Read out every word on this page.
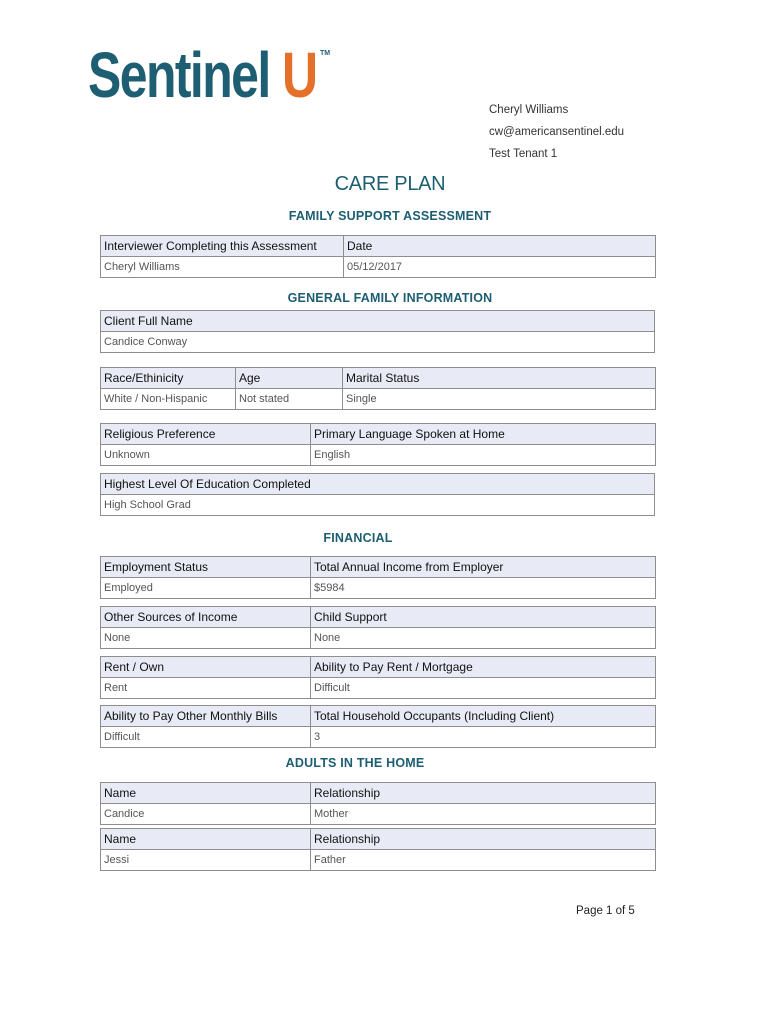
Sentinel U TM
Cheryl Williams
cw@americansentinel.edu
Test Tenant 1
CARE PLAN
FAMILY SUPPORT ASSESSMENT
Interviewer Completing this Assessment	Date
Cheryl Williams	05/12/2017
GENERAL FAMILY INFORMATION
Client Full Name
Candice Conway
Race/Ethinicity	Age	Marital Status
White / Non-Hispanic	Not stated	Single
Religious Preference	Primary Language Spoken at Home
Unknown	English
Highest Level Of Education Completed
High School Grad
FINANCIAL
Employment Status	Total Annual Income from Employer
Employed	$5984
Other Sources of Income	Child Support
None	None
Rent / Own	Ability to Pay Rent / Mortgage
Rent	Difficult
Ability to Pay Other Monthly Bills	Total Household Occupants (Including Client)
Difficult	3
ADULTS IN THE HOME
Name	Relationship
Candice	Mother
Name	Relationship
Jessi	Father
Page 1 of 5
